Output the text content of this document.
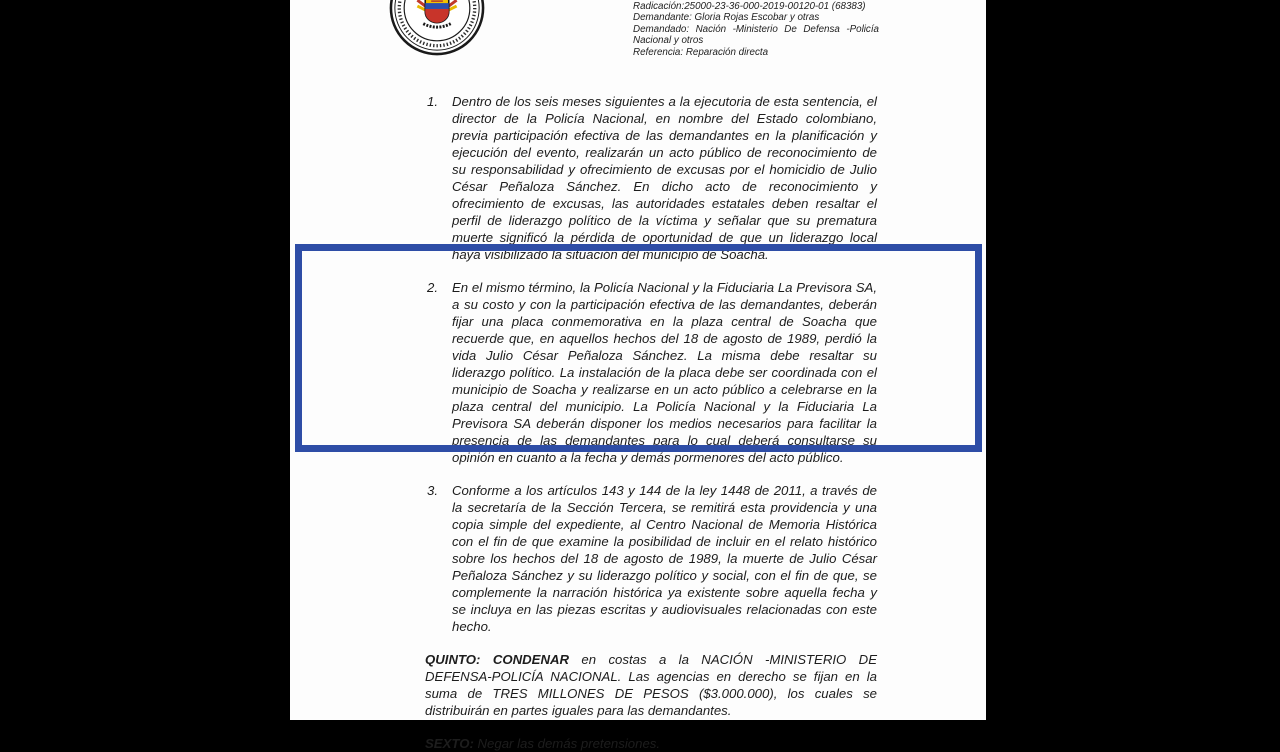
Radicación:25000-23-36-000-2019-00120-01 (68383)

Demandante: Gloria Rojas Escobar y otras

Demandado: Nación -Ministerio De Defensa -Policía Nacional y otros

Referencia: Reparación directa

1. Dentro de los seis meses siguientes a la ejecutoria de esta sentencia, el director de la Policía Nacional, en nombre del Estado colombiano, previa participación efectiva de las demandantes en la planificación y ejecución del evento, realizarán un acto público de reconocimiento de su responsabilidad y ofrecimiento de excusas por el homicidio de Julio César Peñaloza Sánchez. En dicho acto de reconocimiento y ofrecimiento de excusas, las autoridades estatales deben resaltar el perfil de liderazgo político de la víctima y señalar que su prematura muerte significó la pérdida de oportunidad de que un liderazgo local haya visibilizado la situación del municipio de Soacha.
2. En el mismo término, la Policía Nacional y la Fiduciaria La Previsora SA, a su costo y con la participación efectiva de las demandantes, deberán fijar una placa conmemorativa en la plaza central de Soacha que recuerde que, en aquellos hechos del 18 de agosto de 1989, perdió la vida Julio César Peñaloza Sánchez. La misma debe resaltar su liderazgo político. La instalación de la placa debe ser coordinada con el municipio de Soacha y realizarse en un acto público a celebrarse en la plaza central del municipio. La Policía Nacional y la Fiduciaria La Previsora SA deberán disponer los medios necesarios para facilitar la presencia de las demandantes para lo cual deberá consultarse su opinión en cuanto a la fecha y demás pormenores del acto público.
3. Conforme a los artículos 143 y 144 de la ley 1448 de 2011, a través de la secretaría de la Sección Tercera, se remitirá esta providencia y una copia simple del expediente, al Centro Nacional de Memoria Histórica con el fin de que examine la posibilidad de incluir en el relato histórico sobre los hechos del 18 de agosto de 1989, la muerte de Julio César Peñaloza Sánchez y su liderazgo político y social, con el fin de que, se complemente la narración histórica ya existente sobre aquella fecha y se incluya en las piezas escritas y audiovisuales relacionadas con este hecho.

QUINTO: CONDENAR en costas a la NACIÓN -MINISTERIO DE DEFENSA-POLICÍA NACIONAL. Las agencias en derecho se fijan en la suma de TRES MILLONES DE PESOS ($3.000.000), los cuales se distribuirán en partes iguales para las demandantes.

SEXTO: Negar las demás pretensiones.
